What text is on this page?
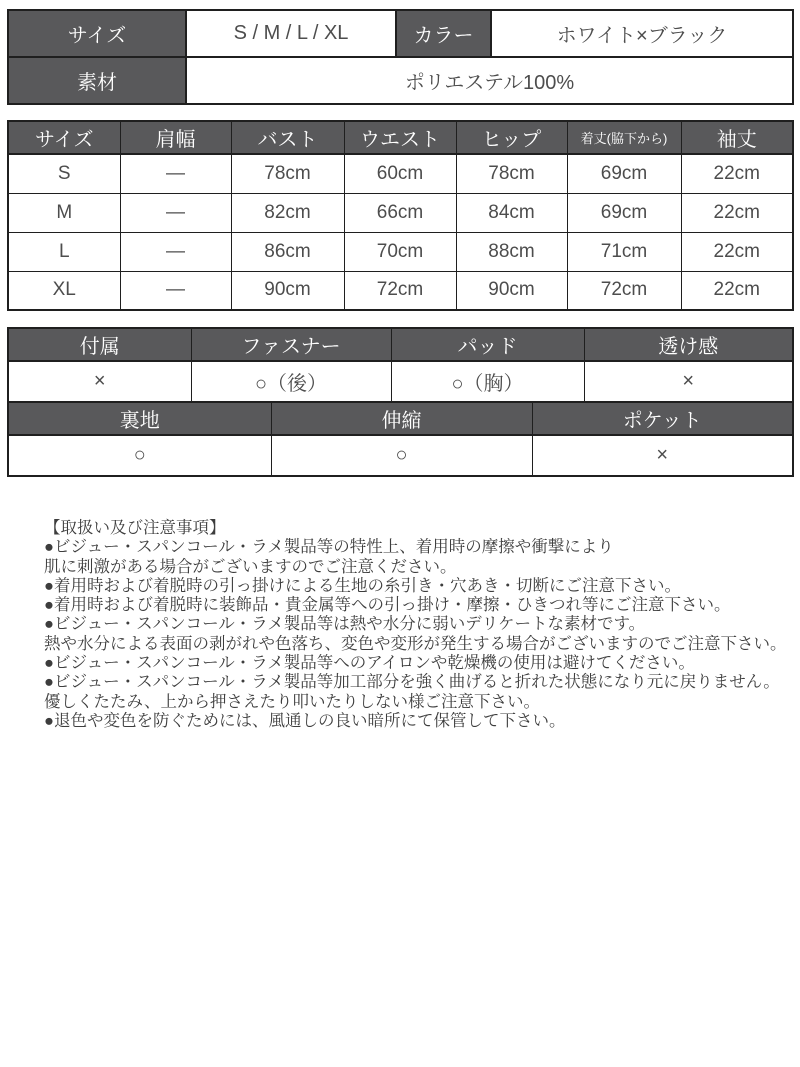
サイズ	S / M / L / XL	カラー	ホワイト×ブラック
素材	ポリエステル100%		
サイズ	肩幅	バスト	ウエスト	ヒップ	着丈(脇下から)	袖丈
S	—	78cm	60cm	78cm	69cm	22cm
M	—	82cm	66cm	84cm	69cm	22cm
L	—	86cm	70cm	88cm	71cm	22cm
XL	—	90cm	72cm	90cm	72cm	22cm
付属	ファスナー	パッド	透け感
×	○（後）	○（胸）	×
裏地	伸縮	ポケット
○	○	×
【取扱い及び注意事項】
●ビジュー・スパンコール・ラメ製品等の特性上、着用時の摩擦や衝撃により
肌に刺激がある場合がございますのでご注意ください。
●着用時および着脱時の引っ掛けによる生地の糸引き・穴あき・切断にご注意下さい。
●着用時および着脱時に装飾品・貴金属等への引っ掛け・摩擦・ひきつれ等にご注意下さい。
●ビジュー・スパンコール・ラメ製品等は熱や水分に弱いデリケートな素材です。
熱や水分による表面の剥がれや色落ち、変色や変形が発生する場合がございますのでご注意下さい。
●ビジュー・スパンコール・ラメ製品等へのアイロンや乾燥機の使用は避けてください。
●ビジュー・スパンコール・ラメ製品等加工部分を強く曲げると折れた状態になり元に戻りません。
優しくたたみ、上から押さえたり叩いたりしない様ご注意下さい。
●退色や変色を防ぐためには、風通しの良い暗所にて保管して下さい。
